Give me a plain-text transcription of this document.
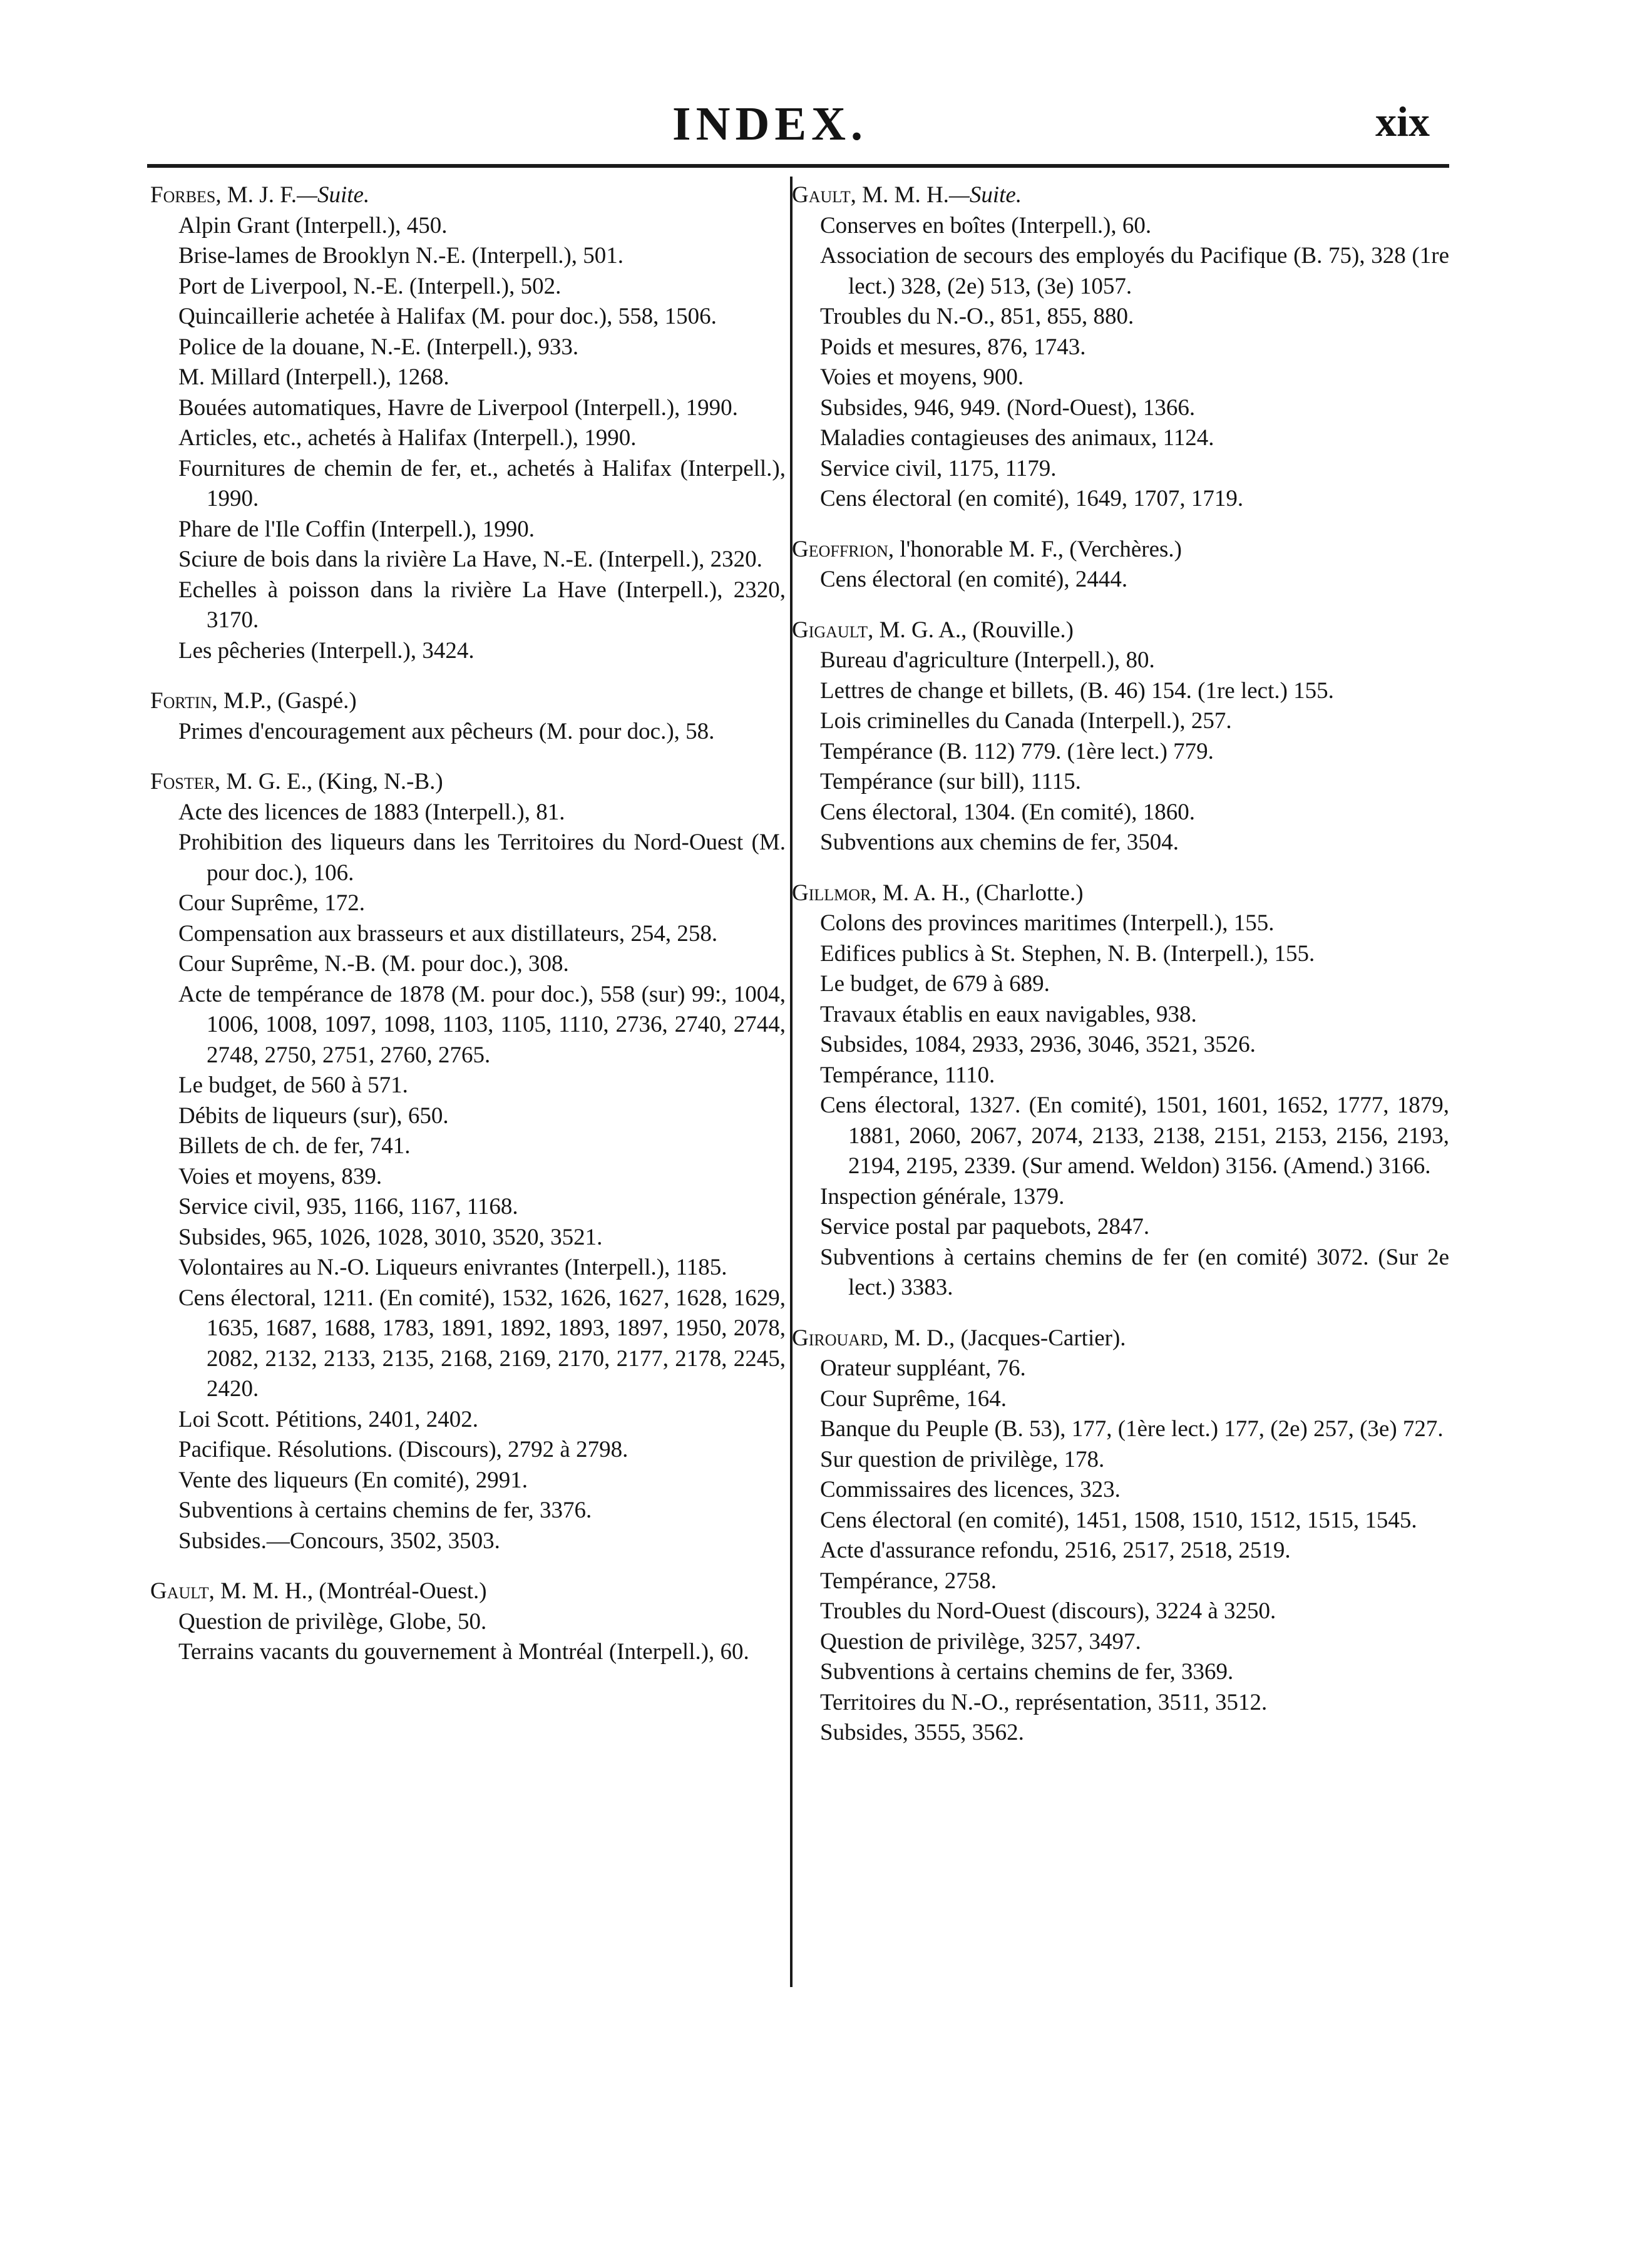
INDEX.	xix
Forbes, M. J. F.—Suite.
Alpin Grant (Interpell.), 450.
Brise-lames de Brooklyn N.-E. (Interpell.), 501.
Port de Liverpool, N.-E. (Interpell.), 502.
Quincaillerie achetée à Halifax (M. pour doc.), 558, 1506.
Police de la douane, N.-E. (Interpell.), 933.
M. Millard (Interpell.), 1268.
Bouées automatiques, Havre de Liverpool (Interpell.), 1990.
Articles, etc., achetés à Halifax (Interpell.), 1990.
Fournitures de chemin de fer, et., achetés à Halifax (Interpell.), 1990.
Phare de l'Ile Coffin (Interpell.), 1990.
Sciure de bois dans la rivière La Have, N.-E. (Interpell.), 2320.
Echelles à poisson dans la rivière La Have (Interpell.), 2320, 3170.
Les pêcheries (Interpell.), 3424.
Fortin, M.P., (Gaspé.)
Primes d'encouragement aux pêcheurs (M. pour doc.), 58.
Foster, M. G. E., (King, N.-B.)
Acte des licences de 1883 (Interpell.), 81.
Prohibition des liqueurs dans les Territoires du Nord-Ouest (M. pour doc.), 106.
Cour Suprême, 172.
Compensation aux brasseurs et aux distillateurs, 254, 258.
Cour Suprême, N.-B. (M. pour doc.), 308.
Acte de tempérance de 1878 (M. pour doc.), 558 (sur) 99:, 1004, 1006, 1008, 1097, 1098, 1103, 1105, 1110, 2736, 2740, 2744, 2748, 2750, 2751, 2760, 2765.
Le budget, de 560 à 571.
Débits de liqueurs (sur), 650.
Billets de ch. de fer, 741.
Voies et moyens, 839.
Service civil, 935, 1166, 1167, 1168.
Subsides, 965, 1026, 1028, 3010, 3520, 3521.
Volontaires au N.-O. Liqueurs enivrantes (Interpell.), 1185.
Cens électoral, 1211. (En comité), 1532, 1626, 1627, 1628, 1629, 1635, 1687, 1688, 1783, 1891, 1892, 1893, 1897, 1950, 2078, 2082, 2132, 2133, 2135, 2168, 2169, 2170, 2177, 2178, 2245, 2420.
Loi Scott. Pétitions, 2401, 2402.
Pacifique. Résolutions. (Discours), 2792 à 2798.
Vente des liqueurs (En comité), 2991.
Subventions à certains chemins de fer, 3376.
Subsides.—Concours, 3502, 3503.
Gault, M. M. H., (Montréal-Ouest.)
Question de privilège, Globe, 50.
Terrains vacants du gouvernement à Montréal (Interpell.), 60.
Gault, M. M. H.—Suite.
Conserves en boîtes (Interpell.), 60.
Association de secours des employés du Pacifique (B. 75), 328 (1re lect.) 328, (2e) 513, (3e) 1057.
Troubles du N.-O., 851, 855, 880.
Poids et mesures, 876, 1743.
Voies et moyens, 900.
Subsides, 946, 949. (Nord-Ouest), 1366.
Maladies contagieuses des animaux, 1124.
Service civil, 1175, 1179.
Cens électoral (en comité), 1649, 1707, 1719.
Geoffrion, l'honorable M. F., (Verchères.)
Cens électoral (en comité), 2444.
Gigault, M. G. A., (Rouville.)
Bureau d'agriculture (Interpell.), 80.
Lettres de change et billets, (B. 46) 154. (1re lect.) 155.
Lois criminelles du Canada (Interpell.), 257.
Tempérance (B. 112) 779. (1ère lect.) 779.
Tempérance (sur bill), 1115.
Cens électoral, 1304. (En comité), 1860.
Subventions aux chemins de fer, 3504.
Gillmor, M. A. H., (Charlotte.)
Colons des provinces maritimes (Interpell.), 155.
Edifices publics à St. Stephen, N. B. (Interpell.), 155.
Le budget, de 679 à 689.
Travaux établis en eaux navigables, 938.
Subsides, 1084, 2933, 2936, 3046, 3521, 3526.
Tempérance, 1110.
Cens électoral, 1327. (En comité), 1501, 1601, 1652, 1777, 1879, 1881, 2060, 2067, 2074, 2133, 2138, 2151, 2153, 2156, 2193, 2194, 2195, 2339. (Sur amend. Weldon) 3156. (Amend.) 3166.
Inspection générale, 1379.
Service postal par paquebots, 2847.
Subventions à certains chemins de fer (en comité) 3072. (Sur 2e lect.) 3383.
Girouard, M. D., (Jacques-Cartier).
Orateur suppléant, 76.
Cour Suprême, 164.
Banque du Peuple (B. 53), 177, (1ère lect.) 177, (2e) 257, (3e) 727.
Sur question de privilège, 178.
Commissaires des licences, 323.
Cens électoral (en comité), 1451, 1508, 1510, 1512, 1515, 1545.
Acte d'assurance refondu, 2516, 2517, 2518, 2519.
Tempérance, 2758.
Troubles du Nord-Ouest (discours), 3224 à 3250.
Question de privilège, 3257, 3497.
Subventions à certains chemins de fer, 3369.
Territoires du N.-O., représentation, 3511, 3512.
Subsides, 3555, 3562.
